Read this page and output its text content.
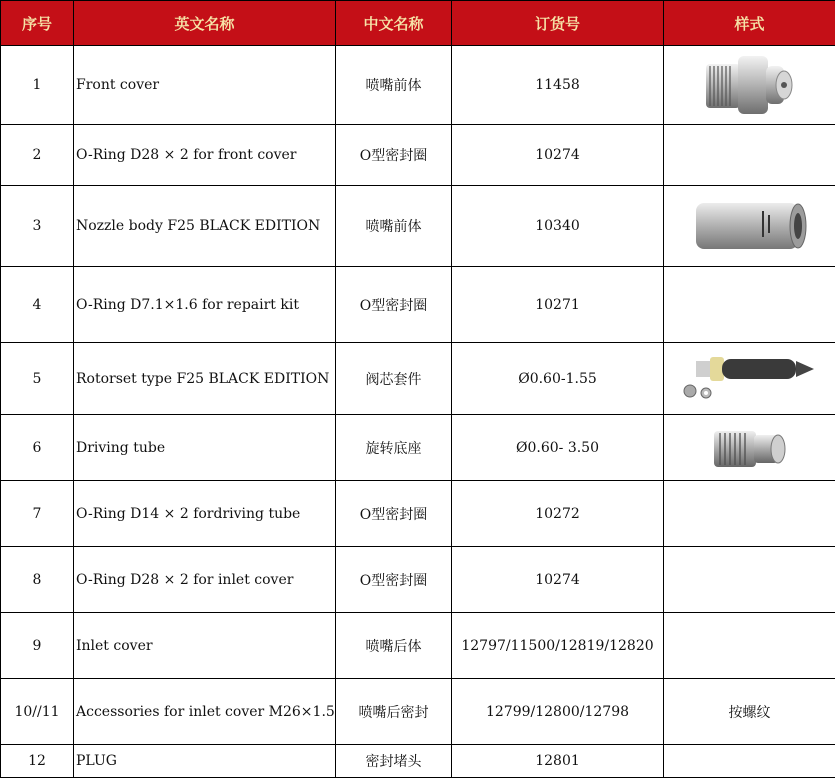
序号	英文名称	中文名称	订货号	样式
1	Front cover	喷嘴前体	11458	

2	O-Ring D28 × 2 for front cover	O型密封圈	10274	
3	Nozzle body F25 BLACK EDITION	喷嘴前体	10340	

4	O-Ring D7.1×1.6 for repairt kit	O型密封圈	10271	
5	Rotorset type F25 BLACK EDITION	阀芯套件	Ø0.60-1.55	

6	Driving tube	旋转底座	Ø0.60- 3.50	

7	O-Ring D14 × 2 fordriving tube	O型密封圈	10272	
8	O-Ring D28 × 2 for inlet cover	O型密封圈	10274	
9	Inlet cover	喷嘴后体	12797/11500/12819/12820	
10//11	Accessories for inlet cover M26×1.5	喷嘴后密封	12799/12800/12798	按螺纹
12	PLUG	密封堵头	12801	
